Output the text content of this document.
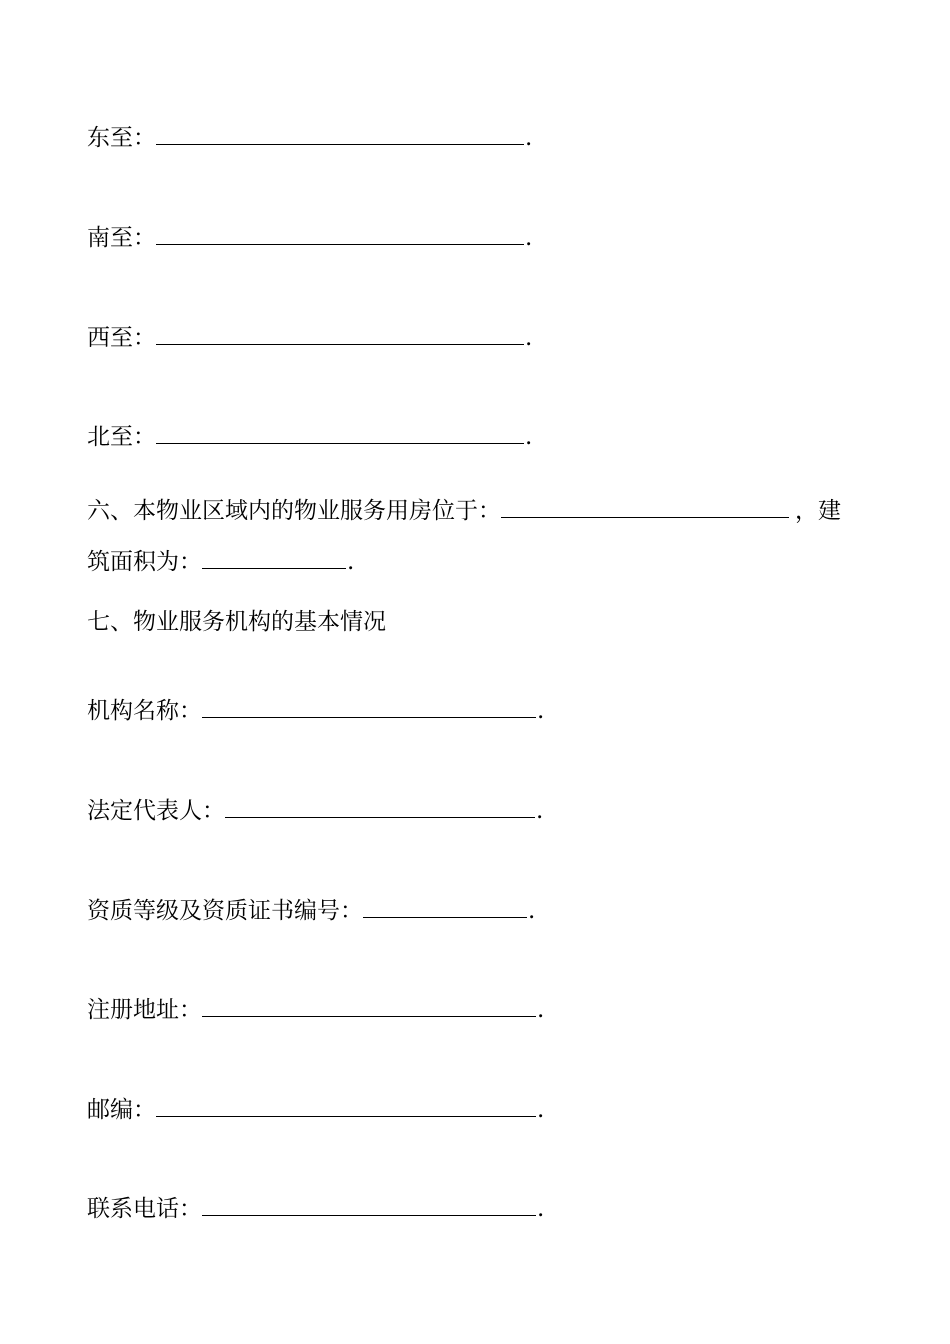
东至：	.
南至：	.
西至：	.
北至：	.
六、本物业区域内的物业服务用房位于：	，建
筑面积为：	.
七、物业服务机构的基本情况
机构名称：	.
法定代表人：	.
资质等级及资质证书编号：	.
注册地址：	.
邮编：	.
联系电话：	.
